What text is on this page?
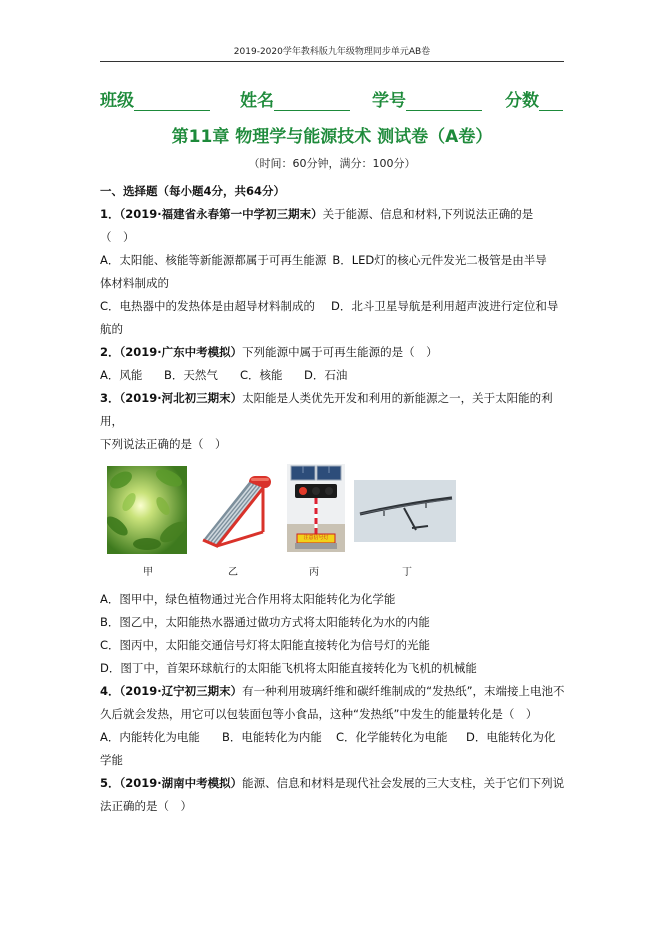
2019-2020学年教科版九年级物理同步单元AB卷
班级	姓名	学号	分数
第11章 物理学与能源技术 测试卷（A卷）
（时间：60分钟，满分：100分）

一、选择题（每小题4分，共64分）

1．（2019·福建省永春第一中学初三期末）关于能源、信息和材料,下列说法正确的是

（　）

A．太阳能、核能等新能源都属于可再生能源 B．LED灯的核心元件发光二极管是由半导

体材料制成的

C．电热器中的发热体是由超导材料制成的 D．北斗卫星导航是利用超声波进行定位和导

航的

2．（2019·广东中考模拟）下列能源中属于可再生能源的是（　）

A．风能 B．天然气 C．核能 D．石油

3．（2019·河北初三期末）太阳能是人类优先开发和利用的新能源之一，关于太阳能的利用，

下列说法正确的是（　）

甲	乙
注意信号灯
丙	丁

A．图甲中，绿色植物通过光合作用将太阳能转化为化学能

B．图乙中，太阳能热水器通过做功方式将太阳能转化为水的内能

C．图丙中，太阳能交通信号灯将太阳能直接转化为信号灯的光能

D．图丁中，首架环球航行的太阳能飞机将太阳能直接转化为飞机的机械能

4．（2019·辽宁初三期末）有一种利用玻璃纤维和碳纤维制成的“发热纸”，末端接上电池不

久后就会发热，用它可以包装面包等小食品，这种“发热纸”中发生的能量转化是（　）

A．内能转化为电能 B．电能转化为内能 C．化学能转化为电能 D．电能转化为化

学能

5．（2019·湖南中考模拟）能源、信息和材料是现代社会发展的三大支柱，关于它们下列说

法正确的是（　）
